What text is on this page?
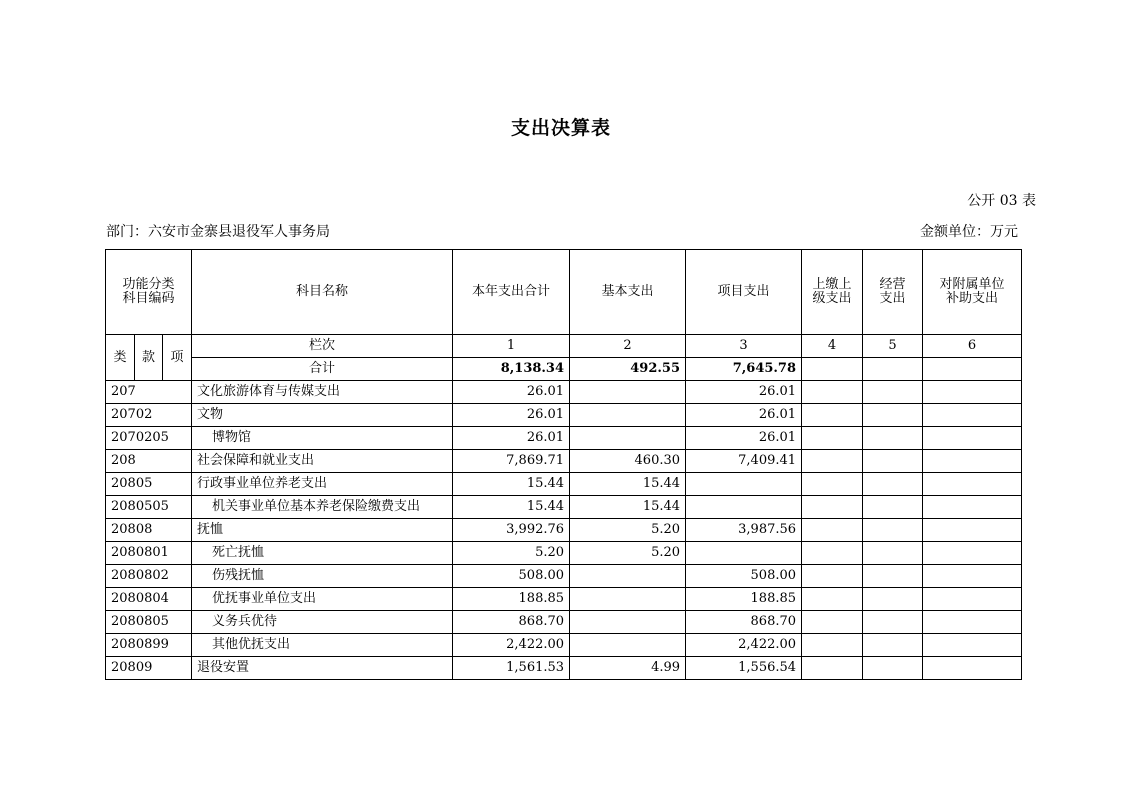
支出决算表
公开 03 表
部门：六安市金寨县退役军人事务局	金额单位：万元
功能分类科目编码			科目名称	本年支出合计	基本支出	项目支出	上缴上级支出	经营支出	对附属单位补助支出
类	款	项	栏次	1	2	3	4	5	6
			合计	8,138.34	492.55	7,645.78			
207			文化旅游体育与传媒支出	26.01		26.01			
20702			文物	26.01		26.01			
2070205			博物馆	26.01		26.01			
208			社会保障和就业支出	7,869.71	460.30	7,409.41			
20805			行政事业单位养老支出	15.44	15.44				
2080505			机关事业单位基本养老保险缴费支出	15.44	15.44				
20808			抚恤	3,992.76	5.20	3,987.56			
2080801			死亡抚恤	5.20	5.20				
2080802			伤残抚恤	508.00		508.00			
2080804			优抚事业单位支出	188.85		188.85			
2080805			义务兵优待	868.70		868.70			
2080899			其他优抚支出	2,422.00		2,422.00			
20809			退役安置	1,561.53	4.99	1,556.54			
